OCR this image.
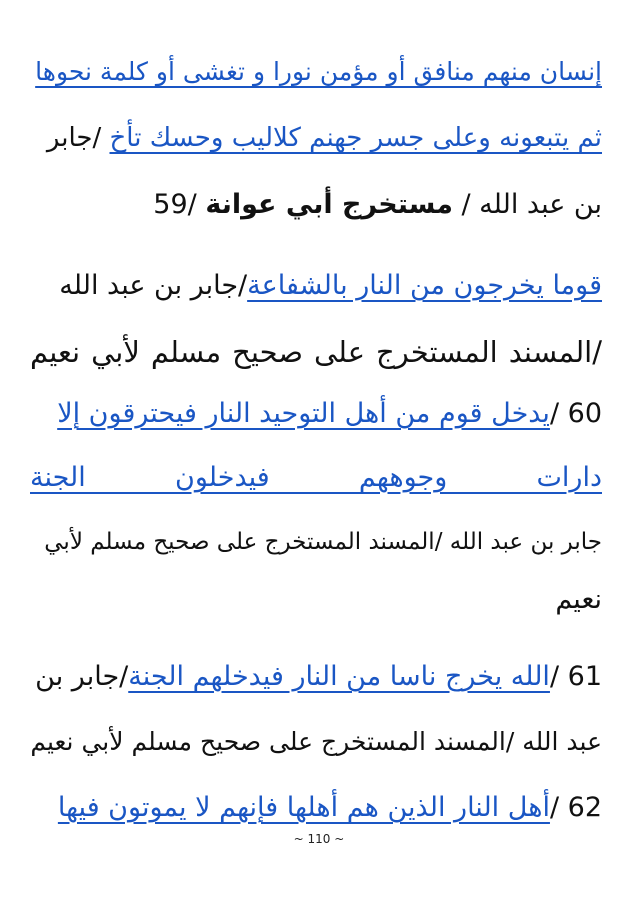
إنسان منهم منافق أو مؤمن نورا و تغشى أو كلمة نحوها
ثم يتبعونه وعلى جسر جهنم كلاليب وحسك تأخ /جابر
بن عبد الله / مستخرج أبي عوانة /59
قوما يخرجون من النار بالشفاعة/جابر بن عبد الله
/المسند المستخرج على صحيح مسلم لأبي نعيم
60 /يدخل قوم من أهل التوحيد النار فيحترقون إلا
دارات وجوههم فيدخلون الجنة
جابر بن عبد الله /المسند المستخرج على صحيح مسلم لأبي
نعيم
61 /الله يخرج ناسا من النار فيدخلهم الجنة/جابر بن
عبد الله /المسند المستخرج على صحيح مسلم لأبي نعيم
62 /أهل النار الذين هم أهلها فإنهم لا يموتون فيها
~ 110 ~
